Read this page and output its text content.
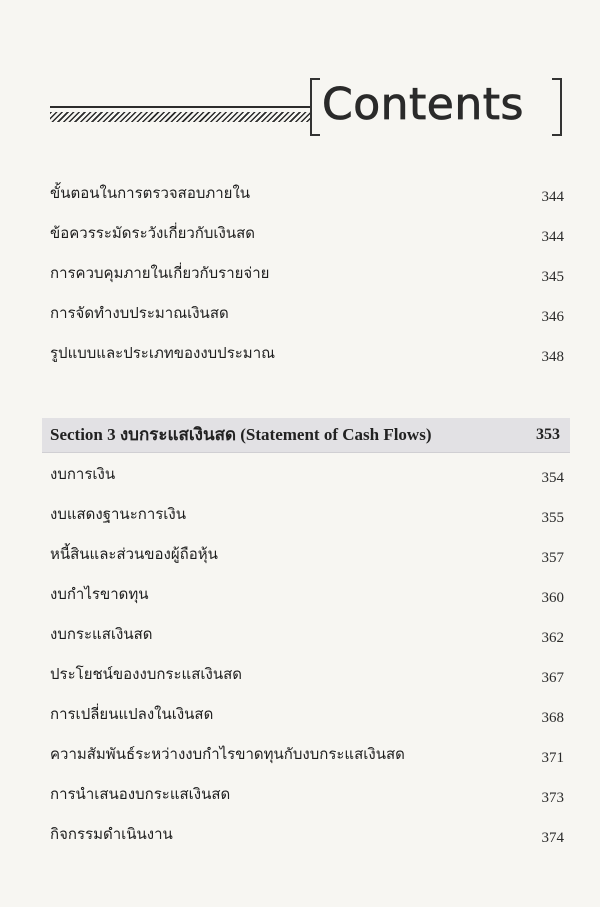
Contents
ขั้นตอนในการตรวจสอบภายใน	344
ข้อควรระมัดระวังเกี่ยวกับเงินสด	344
การควบคุมภายในเกี่ยวกับรายจ่าย	345
การจัดทำงบประมาณเงินสด	346
รูปแบบและประเภทของงบประมาณ	348
Section 3 งบกระแสเงินสด (Statement of Cash Flows)	353
งบการเงิน	354
งบแสดงฐานะการเงิน	355
หนี้สินและส่วนของผู้ถือหุ้น	357
งบกำไรขาดทุน	360
งบกระแสเงินสด	362
ประโยชน์ของงบกระแสเงินสด	367
การเปลี่ยนแปลงในเงินสด	368
ความสัมพันธ์ระหว่างงบกำไรขาดทุนกับงบกระแสเงินสด	371
การนำเสนองบกระแสเงินสด	373
กิจกรรมดำเนินงาน	374
